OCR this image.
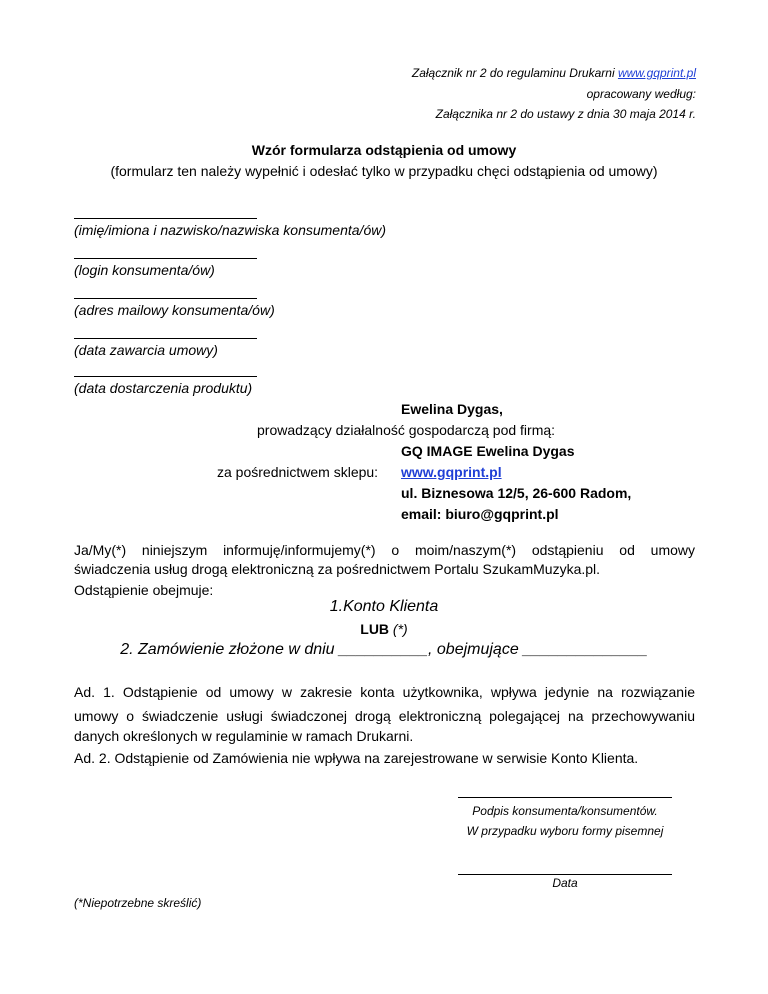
Załącznik nr 2 do regulaminu Drukarni www.gqprint.pl
opracowany według:
Załącznika nr 2 do ustawy z dnia 30 maja 2014 r.
Wzór formularza odstąpienia od umowy
(formularz ten należy wypełnić i odesłać tylko w przypadku chęci odstąpienia od umowy)
(imię/imiona i nazwisko/nazwiska konsumenta/ów)
(login konsumenta/ów)
(adres mailowy konsumenta/ów)
(data zawarcia umowy)
(data dostarczenia produktu)
Ewelina Dygas,
prowadzący działalność gospodarczą pod firmą:
GQ IMAGE Ewelina Dygas
za pośrednictwem sklepu: www.gqprint.pl
ul. Biznesowa 12/5, 26-600 Radom,
email: biuro@gqprint.pl
Ja/My(*) niniejszym informuję/informujemy(*) o moim/naszym(*) odstąpieniu od umowy
świadczenia usług drogą elektroniczną za pośrednictwem Portalu SzukamMuzyka.pl.
Odstąpienie obejmuje:
1.Konto Klienta
LUB (*)
2. Zamówienie złożone w dniu __________, obejmujące ______________
Ad. 1. Odstąpienie od umowy w zakresie konta użytkownika, wpływa jedynie na rozwiązanie
umowy o świadczenie usługi świadczonej drogą elektroniczną polegającej na przechowywaniu
danych określonych w regulaminie w ramach Drukarni.
Ad. 2. Odstąpienie od Zamówienia nie wpływa na zarejestrowane w serwisie Konto Klienta.
Podpis konsumenta/konsumentów.
W przypadku wyboru formy pisemnej
Data
(*Niepotrzebne skreślić)
